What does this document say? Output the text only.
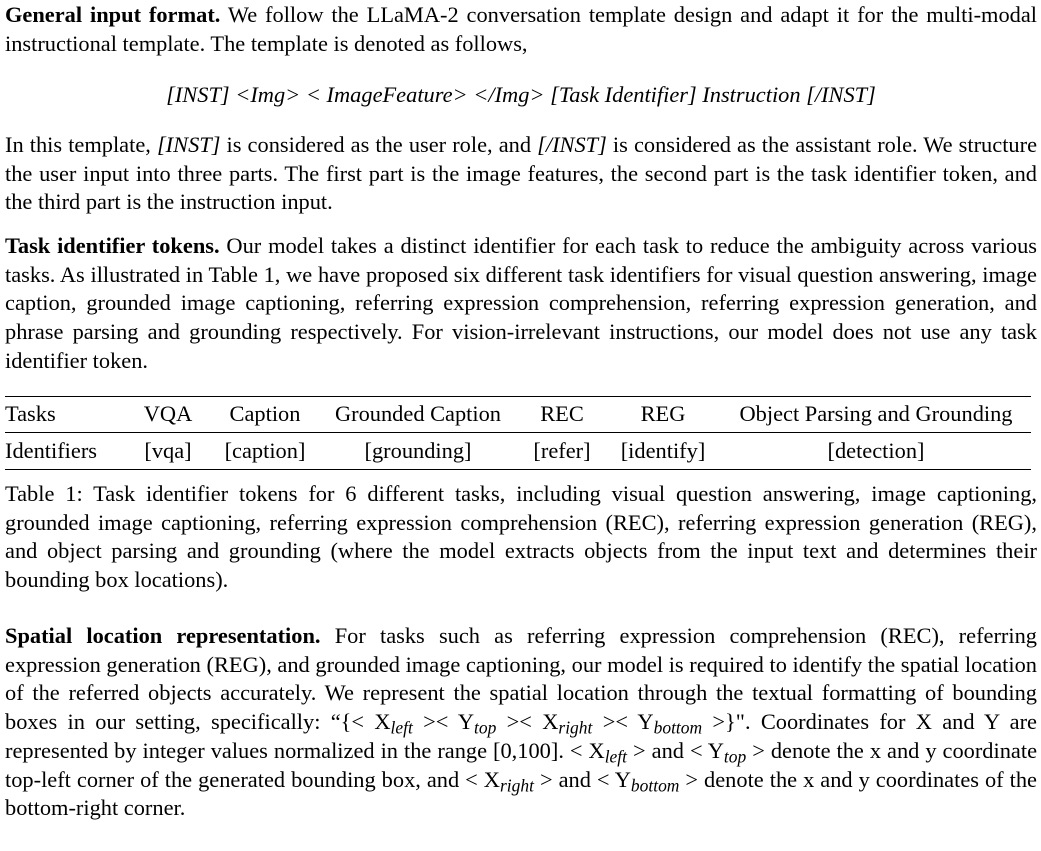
General input format. We follow the LLaMA-2 conversation template design and adapt it for the multi-modal instructional template. The template is denoted as follows,

[INST] <Img> < ImageFeature> </Img> [Task Identifier] Instruction [/INST]

In this template, [INST] is considered as the user role, and [/INST] is considered as the assistant role. We structure the user input into three parts. The first part is the image features, the second part is the task identifier token, and the third part is the instruction input.

Task identifier tokens. Our model takes a distinct identifier for each task to reduce the ambiguity across various tasks. As illustrated in Table 1, we have proposed six different task identifiers for visual question answering, image caption, grounded image captioning, referring expression comprehension, referring expression generation, and phrase parsing and grounding respectively. For vision-irrelevant instructions, our model does not use any task identifier token.

Tasks	VQA	Caption	Grounded Caption	REC	REG	Object Parsing and Grounding
Identifiers	[vqa]	[caption]	[grounding]	[refer]	[identify]	[detection]

Table 1: Task identifier tokens for 6 different tasks, including visual question answering, image captioning, grounded image captioning, referring expression comprehension (REC), referring expression generation (REG), and object parsing and grounding (where the model extracts objects from the input text and determines their bounding box locations).

Spatial location representation. For tasks such as referring expression comprehension (REC), referring expression generation (REG), and grounded image captioning, our model is required to identify the spatial location of the referred objects accurately. We represent the spatial location through the textual formatting of bounding boxes in our setting, specifically: “{< $X_{left} >< Y_{top} >< X_{right} >< Y_{bottom}$ >}". Coordinates for X and Y are represented by integer values normalized in the range [0,100]. < $X_{left}$ > and < $Y_{top}$ > denote the x and y coordinate top-left corner of the generated bounding box, and < $X_{right}$ > and < $Y_{bottom}$ > denote the x and y coordinates of the bottom-right corner.
